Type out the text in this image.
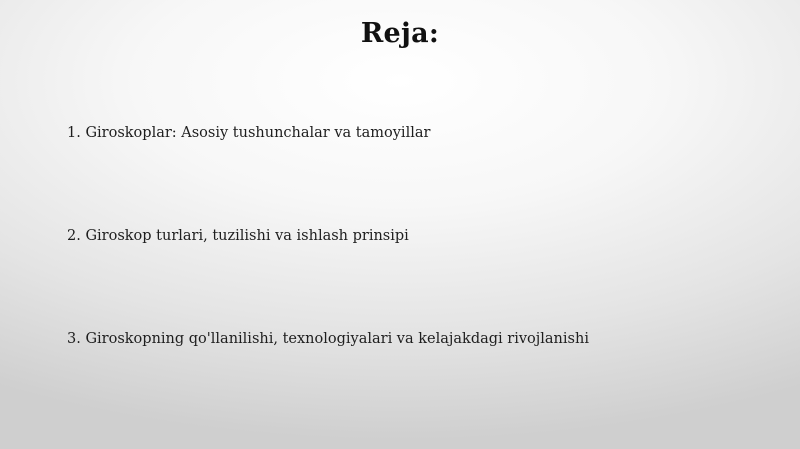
Reja:
1. Giroskoplar: Asosiy tushunchalar va tamoyillar
2. Giroskop turlari, tuzilishi va ishlash prinsipi
3. Giroskopning qo'llanilishi, texnologiyalari va kelajakdagi rivojlanishi
